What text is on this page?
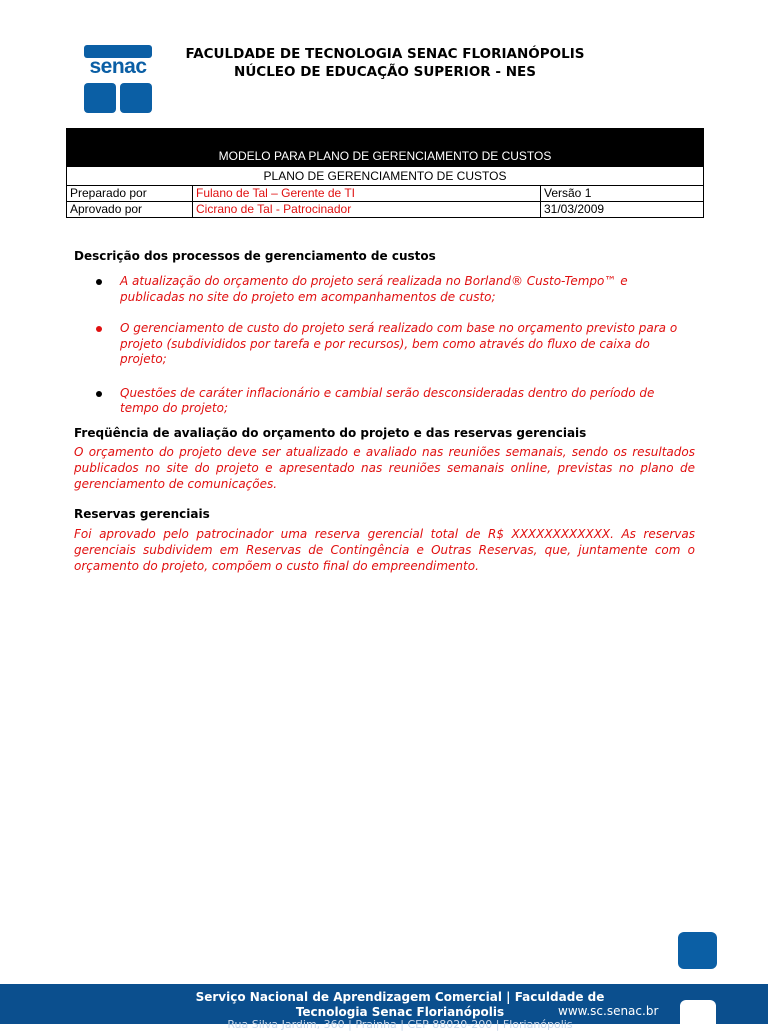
senac
FACULDADE DE TECNOLOGIA SENAC FLORIANÓPOLIS
NÚCLEO DE EDUCAÇÃO SUPERIOR - NES
MODELO PARA PLANO DE GERENCIAMENTO DE CUSTOS
PLANO DE GERENCIAMENTO DE CUSTOS
Preparado por	Fulano de Tal – Gerente de TI	Versão 1
Aprovado por	Cicrano de Tal - Patrocinador	31/03/2009
Descrição dos processos de gerenciamento de custos
A atualização do orçamento do projeto será realizada no Borland® Custo-Tempo™ e publicadas no site do projeto em acompanhamentos de custo;
O gerenciamento de custo do projeto será realizado com base no orçamento previsto para o projeto (subdivididos por tarefa e por recursos), bem como através do fluxo de caixa do projeto;
Questões de caráter inflacionário e cambial serão desconsideradas dentro do período de tempo do projeto;
Freqüência de avaliação do orçamento do projeto e das reservas gerenciais
O orçamento do projeto deve ser atualizado e avaliado nas reuniões semanais, sendo os resultados publicados no site do projeto e apresentado nas reuniões semanais online, previstas no plano de gerenciamento de comunicações.
Reservas gerenciais
Foi aprovado pelo patrocinador uma reserva gerencial total de R$ XXXXXXXXXXXX. As reservas gerenciais subdividem em Reservas de Contingência e Outras Reservas, que, juntamente com o orçamento do projeto, compõem o custo final do empreendimento.
Serviço Nacional de Aprendizagem Comercial | Faculdade de
Tecnologia Senac Florianópolis
Rua Silva Jardim, 360 | Prainha | CEP 88020-200 | Florianópolis
www.sc.senac.br
